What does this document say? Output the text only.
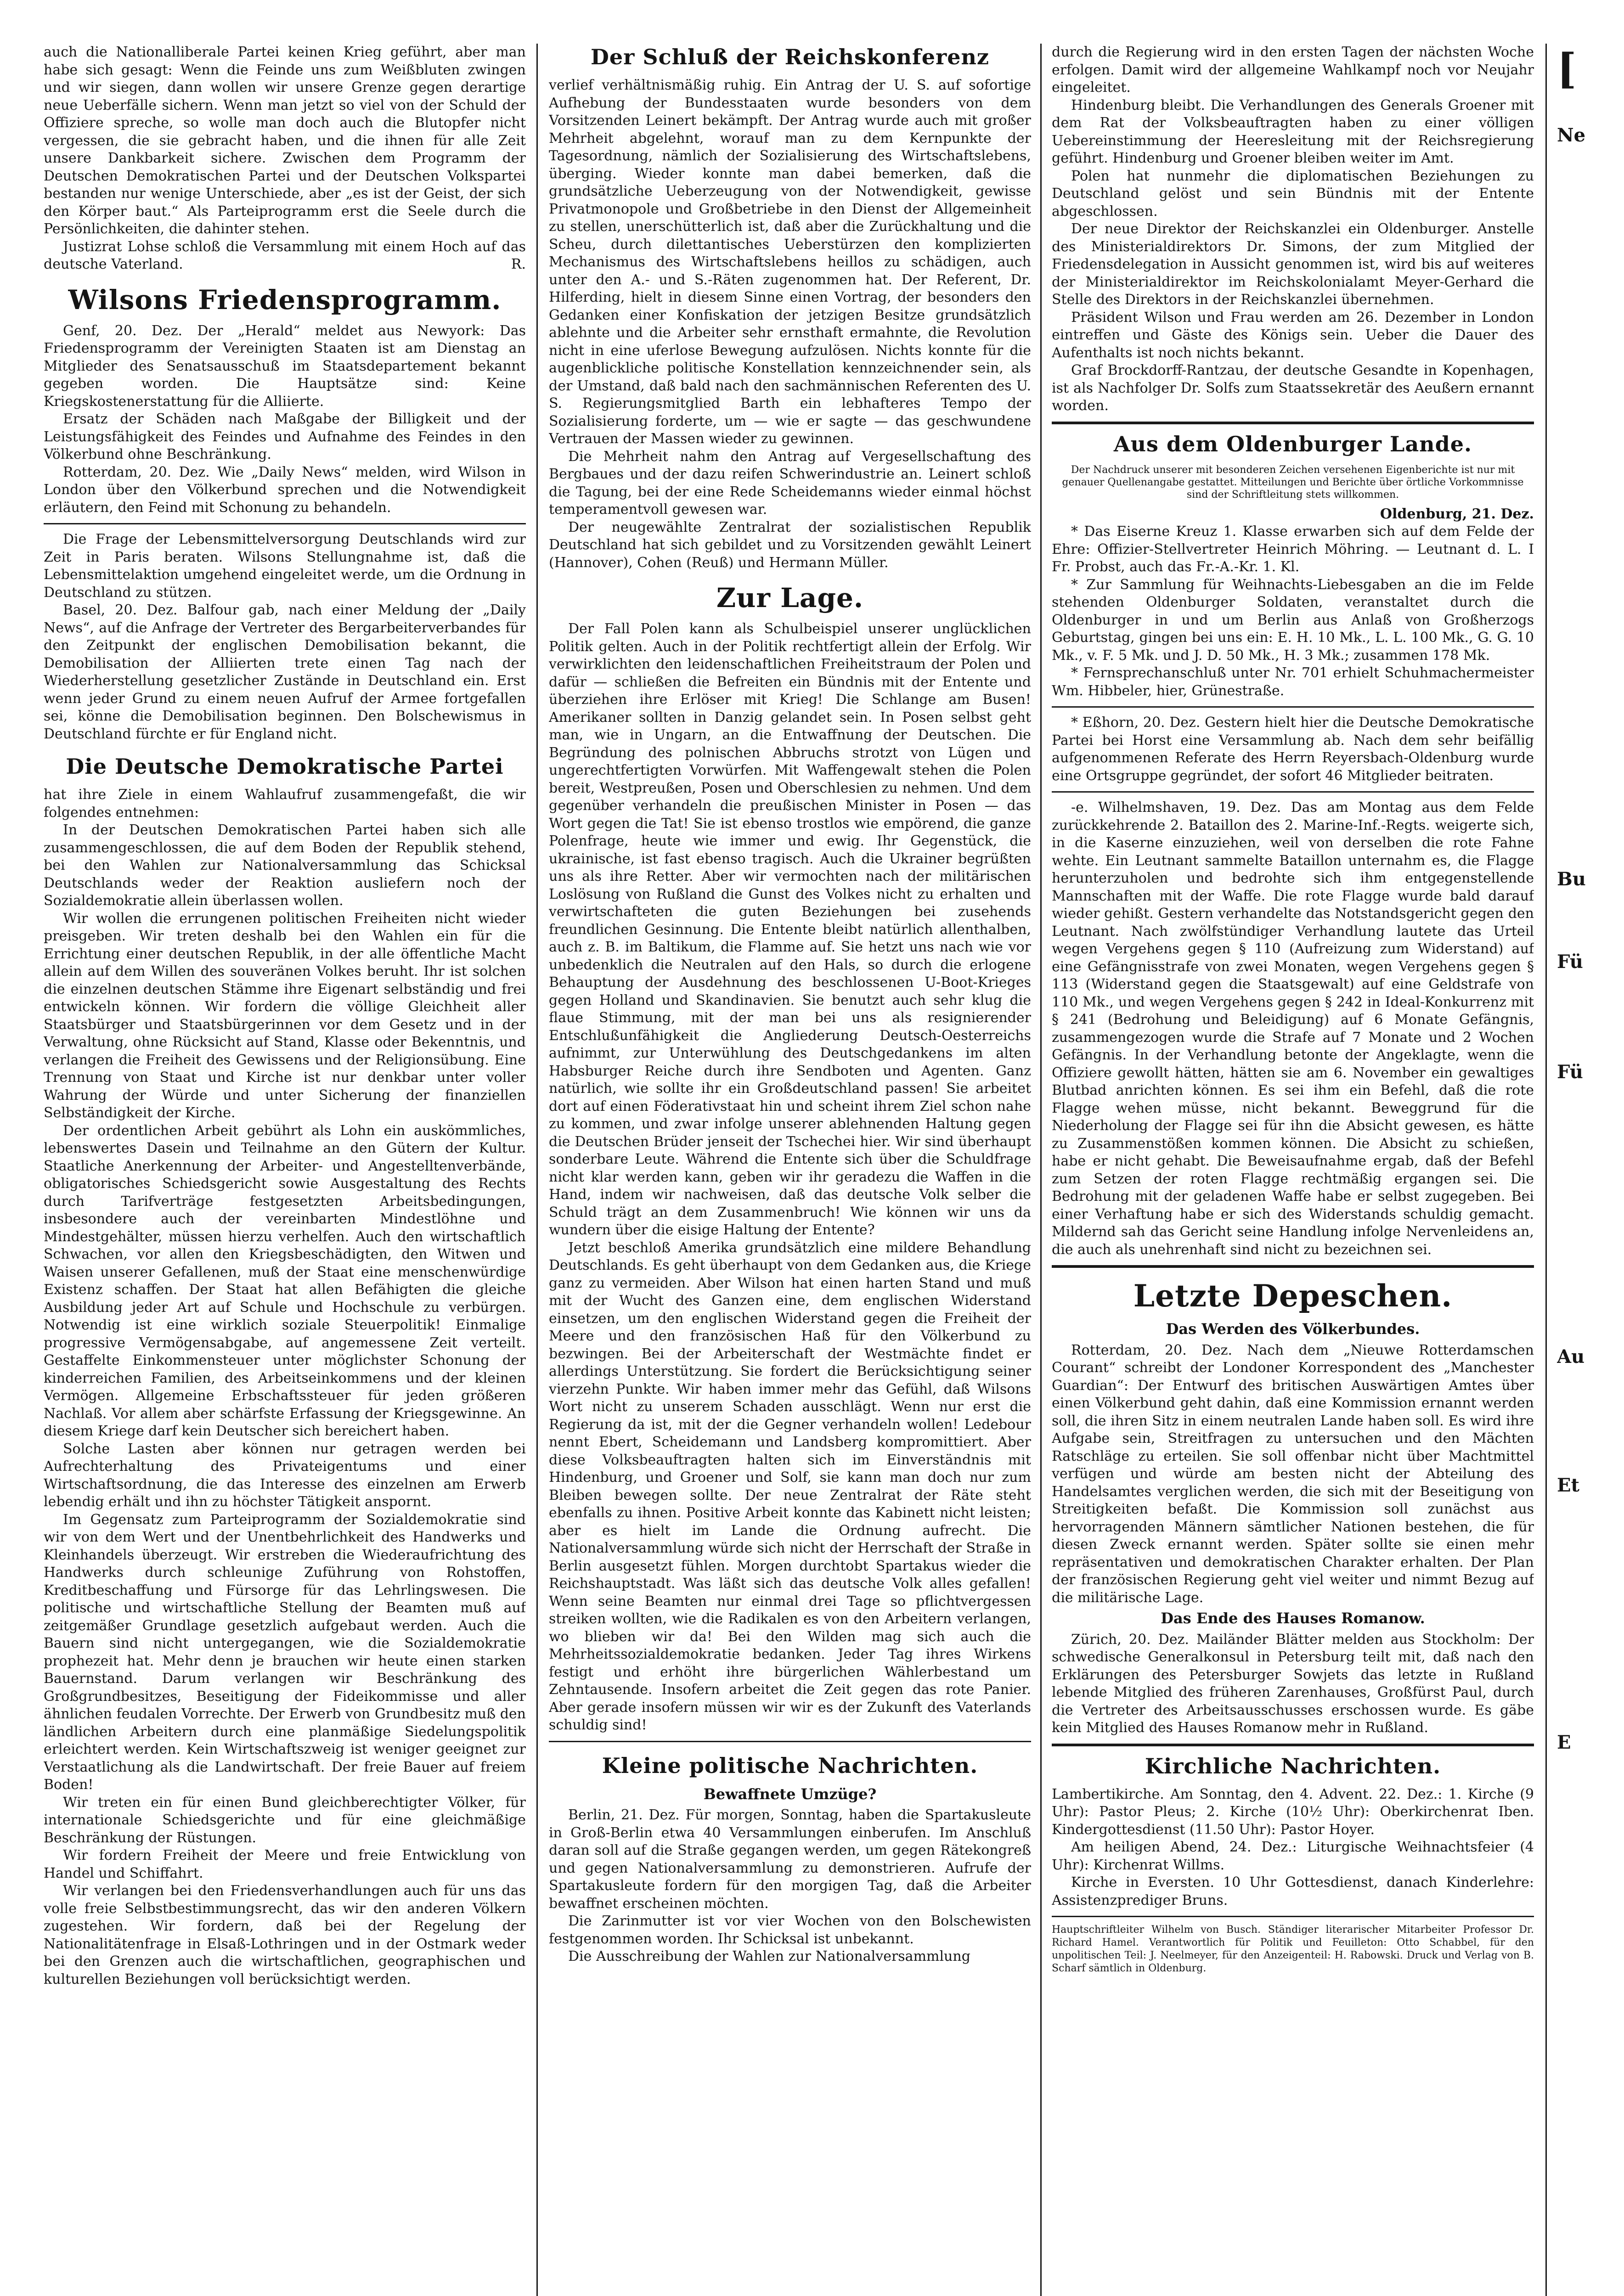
auch die Nationalliberale Partei keinen Krieg geführt, aber man habe sich gesagt: Wenn die Feinde uns zum Weißbluten zwingen und wir siegen, dann wollen wir unsere Grenze gegen derartige neue Ueberfälle sichern. Wenn man jetzt so viel von der Schuld der Offiziere spreche, so wolle man doch auch die Blutopfer nicht vergessen, die sie gebracht haben, und die ihnen für alle Zeit unsere Dankbarkeit sichere. Zwischen dem Programm der Deutschen Demokratischen Partei und der Deutschen Volkspartei bestanden nur wenige Unterschiede, aber „es ist der Geist, der sich den Körper baut.“ Als Parteiprogramm erst die Seele durch die Persönlichkeiten, die dahinter stehen.

Justizrat Lohse schloß die Versammlung mit einem Hoch auf das deutsche Vaterland.	R.

Wilsons Friedensprogramm.

Genf, 20. Dez. Der „Herald“ meldet aus Newyork: Das Friedensprogramm der Vereinigten Staaten ist am Dienstag an Mitglieder des Senatsausschuß im Staatsdepartement bekannt gegeben worden. Die Hauptsätze sind: Keine Kriegskostenerstattung für die Alliierte.

Ersatz der Schäden nach Maßgabe der Billigkeit und der Leistungsfähigkeit des Feindes und Aufnahme des Feindes in den Völkerbund ohne Beschränkung.

Rotterdam, 20. Dez. Wie „Daily News“ melden, wird Wilson in London über den Völkerbund sprechen und die Notwendigkeit erläutern, den Feind mit Schonung zu behandeln.

Die Frage der Lebensmittelversorgung Deutschlands wird zur Zeit in Paris beraten. Wilsons Stellungnahme ist, daß die Lebensmittelaktion umgehend eingeleitet werde, um die Ordnung in Deutschland zu stützen.

Basel, 20. Dez. Balfour gab, nach einer Meldung der „Daily News“, auf die Anfrage der Vertreter des Bergarbeiterverbandes für den Zeitpunkt der englischen Demobilisation bekannt, die Demobilisation der Alliierten trete einen Tag nach der Wiederherstellung gesetzlicher Zustände in Deutschland ein. Erst wenn jeder Grund zu einem neuen Aufruf der Armee fortgefallen sei, könne die Demobilisation beginnen. Den Bolschewismus in Deutschland fürchte er für England nicht.

Die Deutsche Demokratische Partei

hat ihre Ziele in einem Wahlaufruf zusammengefaßt, die wir folgendes entnehmen:

In der Deutschen Demokratischen Partei haben sich alle zusammengeschlossen, die auf dem Boden der Republik stehend, bei den Wahlen zur Nationalversammlung das Schicksal Deutschlands weder der Reaktion ausliefern noch der Sozialdemokratie allein überlassen wollen.

Wir wollen die errungenen politischen Freiheiten nicht wieder preisgeben. Wir treten deshalb bei den Wahlen ein für die Errichtung einer deutschen Republik, in der alle öffentliche Macht allein auf dem Willen des souveränen Volkes beruht. Ihr ist solchen die einzelnen deutschen Stämme ihre Eigenart selbständig und frei entwickeln können. Wir fordern die völlige Gleichheit aller Staatsbürger und Staatsbürgerinnen vor dem Gesetz und in der Verwaltung, ohne Rücksicht auf Stand, Klasse oder Bekenntnis, und verlangen die Freiheit des Gewissens und der Religionsübung. Eine Trennung von Staat und Kirche ist nur denkbar unter voller Wahrung der Würde und unter Sicherung der finanziellen Selbständigkeit der Kirche.

Der ordentlichen Arbeit gebührt als Lohn ein auskömmliches, lebenswertes Dasein und Teilnahme an den Gütern der Kultur. Staatliche Anerkennung der Arbeiter- und Angestelltenverbände, obligatorisches Schiedsgericht sowie Ausgestaltung des Rechts durch Tarifverträge festgesetzten Arbeitsbedingungen, insbesondere auch der vereinbarten Mindestlöhne und Mindestgehälter, müssen hierzu verhelfen. Auch den wirtschaftlich Schwachen, vor allen den Kriegsbeschädigten, den Witwen und Waisen unserer Gefallenen, muß der Staat eine menschenwürdige Existenz schaffen. Der Staat hat allen Befähigten die gleiche Ausbildung jeder Art auf Schule und Hochschule zu verbürgen. Notwendig ist eine wirklich soziale Steuerpolitik! Einmalige progressive Vermögensabgabe, auf angemessene Zeit verteilt. Gestaffelte Einkommensteuer unter möglichster Schonung der kinderreichen Familien, des Arbeitseinkommens und der kleinen Vermögen. Allgemeine Erbschaftssteuer für jeden größeren Nachlaß. Vor allem aber schärfste Erfassung der Kriegsgewinne. An diesem Kriege darf kein Deutscher sich bereichert haben.

Solche Lasten aber können nur getragen werden bei Aufrechterhaltung des Privateigentums und einer Wirtschaftsordnung, die das Interesse des einzelnen am Erwerb lebendig erhält und ihn zu höchster Tätigkeit anspornt.

Im Gegensatz zum Parteiprogramm der Sozialdemokratie sind wir von dem Wert und der Unentbehrlichkeit des Handwerks und Kleinhandels überzeugt. Wir erstreben die Wiederaufrichtung des Handwerks durch schleunige Zuführung von Rohstoffen, Kreditbeschaffung und Fürsorge für das Lehrlingswesen. Die politische und wirtschaftliche Stellung der Beamten muß auf zeitgemäßer Grundlage gesetzlich aufgebaut werden. Auch die Bauern sind nicht untergegangen, wie die Sozialdemokratie prophezeit hat. Mehr denn je brauchen wir heute einen starken Bauernstand. Darum verlangen wir Beschränkung des Großgrundbesitzes, Beseitigung der Fideikommisse und aller ähnlichen feudalen Vorrechte. Der Erwerb von Grundbesitz muß den ländlichen Arbeitern durch eine planmäßige Siedelungspolitik erleichtert werden. Kein Wirtschaftszweig ist weniger geeignet zur Verstaatlichung als die Landwirtschaft. Der freie Bauer auf freiem Boden!

Wir treten ein für einen Bund gleichberechtigter Völker, für internationale Schiedsgerichte und für eine gleichmäßige Beschränkung der Rüstungen.

Wir fordern Freiheit der Meere und freie Entwicklung von Handel und Schiffahrt.

Wir verlangen bei den Friedensverhandlungen auch für uns das volle freie Selbstbestimmungsrecht, das wir den anderen Völkern zugestehen. Wir fordern, daß bei der Regelung der Nationalitätenfrage in Elsaß-Lothringen und in der Ostmark weder bei den Grenzen auch die wirtschaftlichen, geographischen und kulturellen Beziehungen voll berücksichtigt werden.

Der Schluß der Reichskonferenz

verlief verhältnismäßig ruhig. Ein Antrag der U. S. auf sofortige Aufhebung der Bundesstaaten wurde besonders von dem Vorsitzenden Leinert bekämpft. Der Antrag wurde auch mit großer Mehrheit abgelehnt, worauf man zu dem Kernpunkte der Tagesordnung, nämlich der Sozialisierung des Wirtschaftslebens, überging. Wieder konnte man dabei bemerken, daß die grundsätzliche Ueberzeugung von der Notwendigkeit, gewisse Privatmonopole und Großbetriebe in den Dienst der Allgemeinheit zu stellen, unerschütterlich ist, daß aber die Zurückhaltung und die Scheu, durch dilettantisches Ueberstürzen den komplizierten Mechanismus des Wirtschaftslebens heillos zu schädigen, auch unter den A.- und S.-Räten zugenommen hat. Der Referent, Dr. Hilferding, hielt in diesem Sinne einen Vortrag, der besonders den Gedanken einer Konfiskation der jetzigen Besitze grundsätzlich ablehnte und die Arbeiter sehr ernsthaft ermahnte, die Revolution nicht in eine uferlose Bewegung aufzulösen. Nichts konnte für die augenblickliche politische Konstellation kennzeichnender sein, als der Umstand, daß bald nach den sachmännischen Referenten des U. S. Regierungsmitglied Barth ein lebhafteres Tempo der Sozialisierung forderte, um — wie er sagte — das geschwundene Vertrauen der Massen wieder zu gewinnen.

Die Mehrheit nahm den Antrag auf Vergesellschaftung des Bergbaues und der dazu reifen Schwerindustrie an. Leinert schloß die Tagung, bei der eine Rede Scheidemanns wieder einmal höchst temperamentvoll gewesen war.

Der neugewählte Zentralrat der sozialistischen Republik Deutschland hat sich gebildet und zu Vorsitzenden gewählt Leinert (Hannover), Cohen (Reuß) und Hermann Müller.

Zur Lage.

Der Fall Polen kann als Schulbeispiel unserer unglücklichen Politik gelten. Auch in der Politik rechtfertigt allein der Erfolg. Wir verwirklichten den leidenschaftlichen Freiheitstraum der Polen und dafür — schließen die Befreiten ein Bündnis mit der Entente und überziehen ihre Erlöser mit Krieg! Die Schlange am Busen! Amerikaner sollten in Danzig gelandet sein. In Posen selbst geht man, wie in Ungarn, an die Entwaffnung der Deutschen. Die Begründung des polnischen Abbruchs strotzt von Lügen und ungerechtfertigten Vorwürfen. Mit Waffengewalt stehen die Polen bereit, Westpreußen, Posen und Oberschlesien zu nehmen. Und dem gegenüber verhandeln die preußischen Minister in Posen — das Wort gegen die Tat! Sie ist ebenso trostlos wie empörend, die ganze Polenfrage, heute wie immer und ewig. Ihr Gegenstück, die ukrainische, ist fast ebenso tragisch. Auch die Ukrainer begrüßten uns als ihre Retter. Aber wir vermochten nach der militärischen Loslösung von Rußland die Gunst des Volkes nicht zu erhalten und verwirtschafteten die guten Beziehungen bei zusehends freundlichen Gesinnung. Die Entente bleibt natürlich allenthalben, auch z. B. im Baltikum, die Flamme auf. Sie hetzt uns nach wie vor unbedenklich die Neutralen auf den Hals, so durch die erlogene Behauptung der Ausdehnung des beschlossenen U-Boot-Krieges gegen Holland und Skandinavien. Sie benutzt auch sehr klug die flaue Stimmung, mit der man bei uns als resignierender Entschlußunfähigkeit die Angliederung Deutsch-Oesterreichs aufnimmt, zur Unterwühlung des Deutschgedankens im alten Habsburger Reiche durch ihre Sendboten und Agenten. Ganz natürlich, wie sollte ihr ein Großdeutschland passen! Sie arbeitet dort auf einen Föderativstaat hin und scheint ihrem Ziel schon nahe zu kommen, und zwar infolge unserer ablehnenden Haltung gegen die Deutschen Brüder jenseit der Tschechei hier. Wir sind überhaupt sonderbare Leute. Während die Entente sich über die Schuldfrage nicht klar werden kann, geben wir ihr geradezu die Waffen in die Hand, indem wir nachweisen, daß das deutsche Volk selber die Schuld trägt an dem Zusammenbruch! Wie können wir uns da wundern über die eisige Haltung der Entente?

Jetzt beschloß Amerika grundsätzlich eine mildere Behandlung Deutschlands. Es geht überhaupt von dem Gedanken aus, die Kriege ganz zu vermeiden. Aber Wilson hat einen harten Stand und muß mit der Wucht des Ganzen eine, dem englischen Widerstand einsetzen, um den englischen Widerstand gegen die Freiheit der Meere und den französischen Haß für den Völkerbund zu bezwingen. Bei der Arbeiterschaft der Westmächte findet er allerdings Unterstützung. Sie fordert die Berücksichtigung seiner vierzehn Punkte. Wir haben immer mehr das Gefühl, daß Wilsons Wort nicht zu unserem Schaden ausschlägt. Wenn nur erst die Regierung da ist, mit der die Gegner verhandeln wollen! Ledebour nennt Ebert, Scheidemann und Landsberg kompromittiert. Aber diese Volksbeauftragten halten sich im Einverständnis mit Hindenburg, und Groener und Solf, sie kann man doch nur zum Bleiben bewegen sollte. Der neue Zentralrat der Räte steht ebenfalls zu ihnen. Positive Arbeit konnte das Kabinett nicht leisten; aber es hielt im Lande die Ordnung aufrecht. Die Nationalversammlung würde sich nicht der Herrschaft der Straße in Berlin ausgesetzt fühlen. Morgen durchtobt Spartakus wieder die Reichshauptstadt. Was läßt sich das deutsche Volk alles gefallen! Wenn seine Beamten nur einmal drei Tage so pflichtvergessen streiken wollten, wie die Radikalen es von den Arbeitern verlangen, wo blieben wir da! Bei den Wilden mag sich auch die Mehrheitssozialdemokratie bedanken. Jeder Tag ihres Wirkens festigt und erhöht ihre bürgerlichen Wählerbestand um Zehntausende. Insofern arbeitet die Zeit gegen das rote Panier. Aber gerade insofern müssen wir wir es der Zukunft des Vaterlands schuldig sind!

Kleine politische Nachrichten.
Bewaffnete Umzüge?

Berlin, 21. Dez. Für morgen, Sonntag, haben die Spartakusleute in Groß-Berlin etwa 40 Versammlungen einberufen. Im Anschluß daran soll auf die Straße gegangen werden, um gegen Rätekongreß und gegen Nationalversammlung zu demonstrieren. Aufrufe der Spartakusleute fordern für den morgigen Tag, daß die Arbeiter bewaffnet erscheinen möchten.

Die Zarinmutter ist vor vier Wochen von den Bolschewisten festgenommen worden. Ihr Schicksal ist unbekannt.

Die Ausschreibung der Wahlen zur Nationalversammlung

durch die Regierung wird in den ersten Tagen der nächsten Woche erfolgen. Damit wird der allgemeine Wahlkampf noch vor Neujahr eingeleitet.

Hindenburg bleibt. Die Verhandlungen des Generals Groener mit dem Rat der Volksbeauftragten haben zu einer völligen Uebereinstimmung der Heeresleitung mit der Reichsregierung geführt. Hindenburg und Groener bleiben weiter im Amt.

Polen hat nunmehr die diplomatischen Beziehungen zu Deutschland gelöst und sein Bündnis mit der Entente abgeschlossen.

Der neue Direktor der Reichskanzlei ein Oldenburger. Anstelle des Ministerialdirektors Dr. Simons, der zum Mitglied der Friedensdelegation in Aussicht genommen ist, wird bis auf weiteres der Ministerialdirektor im Reichskolonialamt Meyer-Gerhard die Stelle des Direktors in der Reichskanzlei übernehmen.

Präsident Wilson und Frau werden am 26. Dezember in London eintreffen und Gäste des Königs sein. Ueber die Dauer des Aufenthalts ist noch nichts bekannt.

Graf Brockdorff-Rantzau, der deutsche Gesandte in Kopenhagen, ist als Nachfolger Dr. Solfs zum Staatssekretär des Aeußern ernannt worden.

Aus dem Oldenburger Lande.
Der Nachdruck unserer mit besonderen Zeichen versehenen Eigenberichte ist nur mit genauer Quellenangabe gestattet. Mitteilungen und Berichte über örtliche Vorkommnisse sind der Schriftleitung stets willkommen.
Oldenburg, 21. Dez.

* Das Eiserne Kreuz 1. Klasse erwarben sich auf dem Felde der Ehre: Offizier-Stellvertreter Heinrich Möhring. — Leutnant d. L. I Fr. Probst, auch das Fr.-A.-Kr. 1. Kl.

* Zur Sammlung für Weihnachts-Liebesgaben an die im Felde stehenden Oldenburger Soldaten, veranstaltet durch die Oldenburger in und um Berlin aus Anlaß von Großherzogs Geburtstag, gingen bei uns ein: E. H. 10 Mk., L. L. 100 Mk., G. G. 10 Mk., v. F. 5 Mk. und J. D. 50 Mk., H. 3 Mk.; zusammen 178 Mk.

* Fernsprechanschluß unter Nr. 701 erhielt Schuhmachermeister Wm. Hibbeler, hier, Grünestraße.

* Eßhorn, 20. Dez. Gestern hielt hier die Deutsche Demokratische Partei bei Horst eine Versammlung ab. Nach dem sehr beifällig aufgenommenen Referate des Herrn Reyersbach-Oldenburg wurde eine Ortsgruppe gegründet, der sofort 46 Mitglieder beitraten.

-e. Wilhelmshaven, 19. Dez. Das am Montag aus dem Felde zurückkehrende 2. Bataillon des 2. Marine-Inf.-Regts. weigerte sich, in die Kaserne einzuziehen, weil von derselben die rote Fahne wehte. Ein Leutnant sammelte Bataillon unternahm es, die Flagge herunterzuholen und bedrohte sich ihm entgegenstellende Mannschaften mit der Waffe. Die rote Flagge wurde bald darauf wieder gehißt. Gestern verhandelte das Notstandsgericht gegen den Leutnant. Nach zwölfstündiger Verhandlung lautete das Urteil wegen Vergehens gegen § 110 (Aufreizung zum Widerstand) auf eine Gefängnisstrafe von zwei Monaten, wegen Vergehens gegen § 113 (Widerstand gegen die Staatsgewalt) auf eine Geldstrafe von 110 Mk., und wegen Vergehens gegen § 242 in Ideal-Konkurrenz mit § 241 (Bedrohung und Beleidigung) auf 6 Monate Gefängnis, zusammengezogen wurde die Strafe auf 7 Monate und 2 Wochen Gefängnis. In der Verhandlung betonte der Angeklagte, wenn die Offiziere gewollt hätten, hätten sie am 6. November ein gewaltiges Blutbad anrichten können. Es sei ihm ein Befehl, daß die rote Flagge wehen müsse, nicht bekannt. Beweggrund für die Niederholung der Flagge sei für ihn die Absicht gewesen, es hätte zu Zusammenstößen kommen können. Die Absicht zu schießen, habe er nicht gehabt. Die Beweisaufnahme ergab, daß der Befehl zum Setzen der roten Flagge rechtmäßig ergangen sei. Die Bedrohung mit der geladenen Waffe habe er selbst zugegeben. Bei einer Verhaftung habe er sich des Widerstands schuldig gemacht. Mildernd sah das Gericht seine Handlung infolge Nervenleidens an, die auch als unehrenhaft sind nicht zu bezeichnen sei.

Letzte Depeschen.
Das Werden des Völkerbundes.

Rotterdam, 20. Dez. Nach dem „Nieuwe Rotterdamschen Courant“ schreibt der Londoner Korrespondent des „Manchester Guardian“: Der Entwurf des britischen Auswärtigen Amtes über einen Völkerbund geht dahin, daß eine Kommission ernannt werden soll, die ihren Sitz in einem neutralen Lande haben soll. Es wird ihre Aufgabe sein, Streitfragen zu untersuchen und den Mächten Ratschläge zu erteilen. Sie soll offenbar nicht über Machtmittel verfügen und würde am besten nicht der Abteilung des Handelsamtes verglichen werden, die sich mit der Beseitigung von Streitigkeiten befaßt. Die Kommission soll zunächst aus hervorragenden Männern sämtlicher Nationen bestehen, die für diesen Zweck ernannt werden. Später sollte sie einen mehr repräsentativen und demokratischen Charakter erhalten. Der Plan der französischen Regierung geht viel weiter und nimmt Bezug auf die militärische Lage.

Das Ende des Hauses Romanow.

Zürich, 20. Dez. Mailänder Blätter melden aus Stockholm: Der schwedische Generalkonsul in Petersburg teilt mit, daß nach den Erklärungen des Petersburger Sowjets das letzte in Rußland lebende Mitglied des früheren Zarenhauses, Großfürst Paul, durch die Vertreter des Arbeitsausschusses erschossen wurde. Es gäbe kein Mitglied des Hauses Romanow mehr in Rußland.

Kirchliche Nachrichten.

Lambertikirche. Am Sonntag, den 4. Advent. 22. Dez.: 1. Kirche (9 Uhr): Pastor Pleus; 2. Kirche (10½ Uhr): Oberkirchenrat Iben. Kindergottesdienst (11.50 Uhr): Pastor Hoyer.

Am heiligen Abend, 24. Dez.: Liturgische Weihnachtsfeier (4 Uhr): Kirchenrat Willms.

Kirche in Eversten. 10 Uhr Gottesdienst, danach Kinderlehre: Assistenzprediger Bruns.

Hauptschriftleiter Wilhelm von Busch. Ständiger literarischer Mitarbeiter Professor Dr. Richard Hamel. Verantwortlich für Politik und Feuilleton: Otto Schabbel, für den unpolitischen Teil: J. Neelmeyer, für den Anzeigenteil: H. Rabowski. Druck und Verlag von B. Scharf sämtlich in Oldenburg.

[
Ne
Bu
Fü
Fü
Au
Et
E
